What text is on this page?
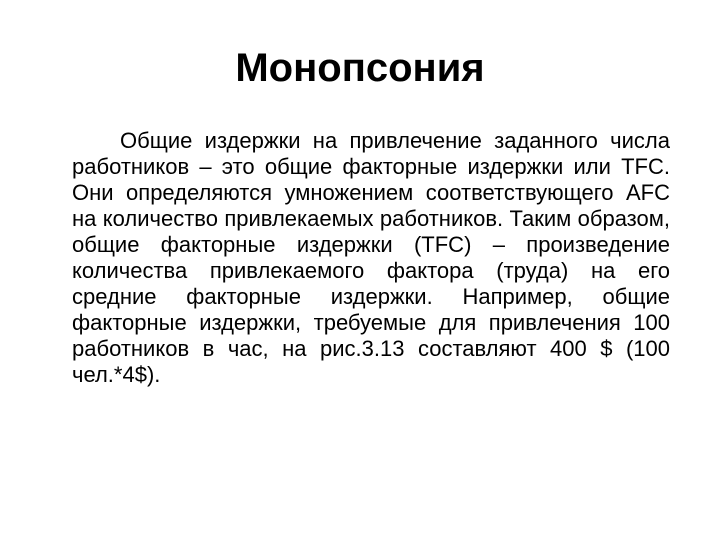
Монопсония

Общие издержки на привлечение заданного числа работников – это общие факторные издержки или TFC. Они определяются умножением соответствующего AFC на количество привлекаемых работников. Таким образом, общие факторные издержки (TFC) – произведение количества привлекаемого фактора (труда) на его средние факторные издержки. Например, общие факторные издержки, требуемые для привлечения 100 работников в час, на рис.3.13 составляют 400 $ (100 чел.*4$).
